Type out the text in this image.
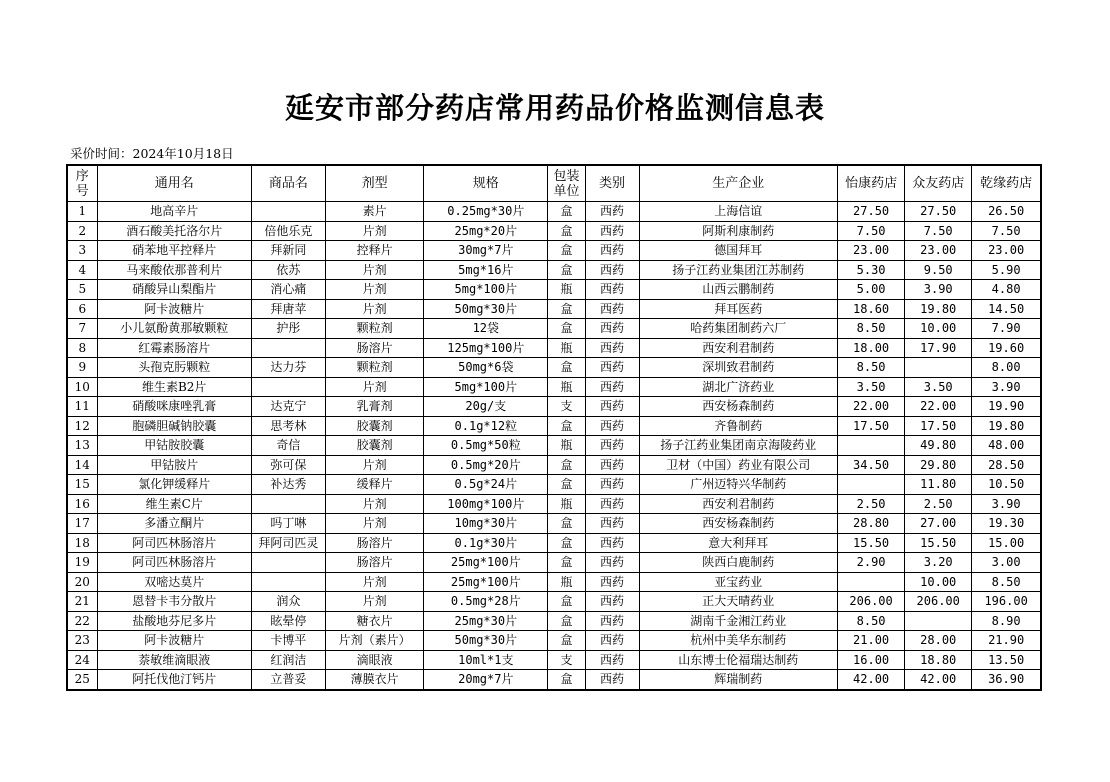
延安市部分药店常用药品价格监测信息表
采价时间：2024年10月18日
序号	通用名	商品名	剂型	规格	包装单位	类别	生产企业	怡康药店	众友药店	乾缘药店
1	地高辛片		素片	0.25mg*30片	盒	西药	上海信谊	27.50	27.50	26.50
2	酒石酸美托洛尔片	倍他乐克	片剂	25mg*20片	盒	西药	阿斯利康制药	7.50	7.50	7.50
3	硝苯地平控释片	拜新同	控释片	30mg*7片	盒	西药	德国拜耳	23.00	23.00	23.00
4	马来酸依那普利片	依苏	片剂	5mg*16片	盒	西药	扬子江药业集团江苏制药	5.30	9.50	5.90
5	硝酸异山梨酯片	消心痛	片剂	5mg*100片	瓶	西药	山西云鹏制药	5.00	3.90	4.80
6	阿卡波糖片	拜唐苹	片剂	50mg*30片	盒	西药	拜耳医药	18.60	19.80	14.50
7	小儿氨酚黄那敏颗粒	护彤	颗粒剂	12袋	盒	西药	哈药集团制药六厂	8.50	10.00	7.90
8	红霉素肠溶片		肠溶片	125mg*100片	瓶	西药	西安利君制药	18.00	17.90	19.60
9	头孢克肟颗粒	达力芬	颗粒剂	50mg*6袋	盒	西药	深圳致君制药	8.50		8.00
10	维生素B2片		片剂	5mg*100片	瓶	西药	湖北广济药业	3.50	3.50	3.90
11	硝酸咪康唑乳膏	达克宁	乳膏剂	20g/支	支	西药	西安杨森制药	22.00	22.00	19.90
12	胞磷胆碱钠胶囊	思考林	胶囊剂	0.1g*12粒	盒	西药	齐鲁制药	17.50	17.50	19.80
13	甲钴胺胶囊	奇信	胶囊剂	0.5mg*50粒	瓶	西药	扬子江药业集团南京海陵药业		49.80	48.00
14	甲钴胺片	弥可保	片剂	0.5mg*20片	盒	西药	卫材（中国）药业有限公司	34.50	29.80	28.50
15	氯化钾缓释片	补达秀	缓释片	0.5g*24片	盒	西药	广州迈特兴华制药		11.80	10.50
16	维生素C片		片剂	100mg*100片	瓶	西药	西安利君制药	2.50	2.50	3.90
17	多潘立酮片	吗丁啉	片剂	10mg*30片	盒	西药	西安杨森制药	28.80	27.00	19.30
18	阿司匹林肠溶片	拜阿司匹灵	肠溶片	0.1g*30片	盒	西药	意大利拜耳	15.50	15.50	15.00
19	阿司匹林肠溶片		肠溶片	25mg*100片	盒	西药	陕西白鹿制药	2.90	3.20	3.00
20	双嘧达莫片		片剂	25mg*100片	瓶	西药	亚宝药业		10.00	8.50
21	恩替卡韦分散片	润众	片剂	0.5mg*28片	盒	西药	正大天晴药业	206.00	206.00	196.00
22	盐酸地芬尼多片	眩晕停	糖衣片	25mg*30片	盒	西药	湖南千金湘江药业	8.50		8.90
23	阿卡波糖片	卡博平	片剂（素片）	50mg*30片	盒	西药	杭州中美华东制药	21.00	28.00	21.90
24	萘敏维滴眼液	红润洁	滴眼液	10ml*1支	支	西药	山东博士伦福瑞达制药	16.00	18.80	13.50
25	阿托伐他汀钙片	立普妥	薄膜衣片	20mg*7片	盒	西药	辉瑞制药	42.00	42.00	36.90
